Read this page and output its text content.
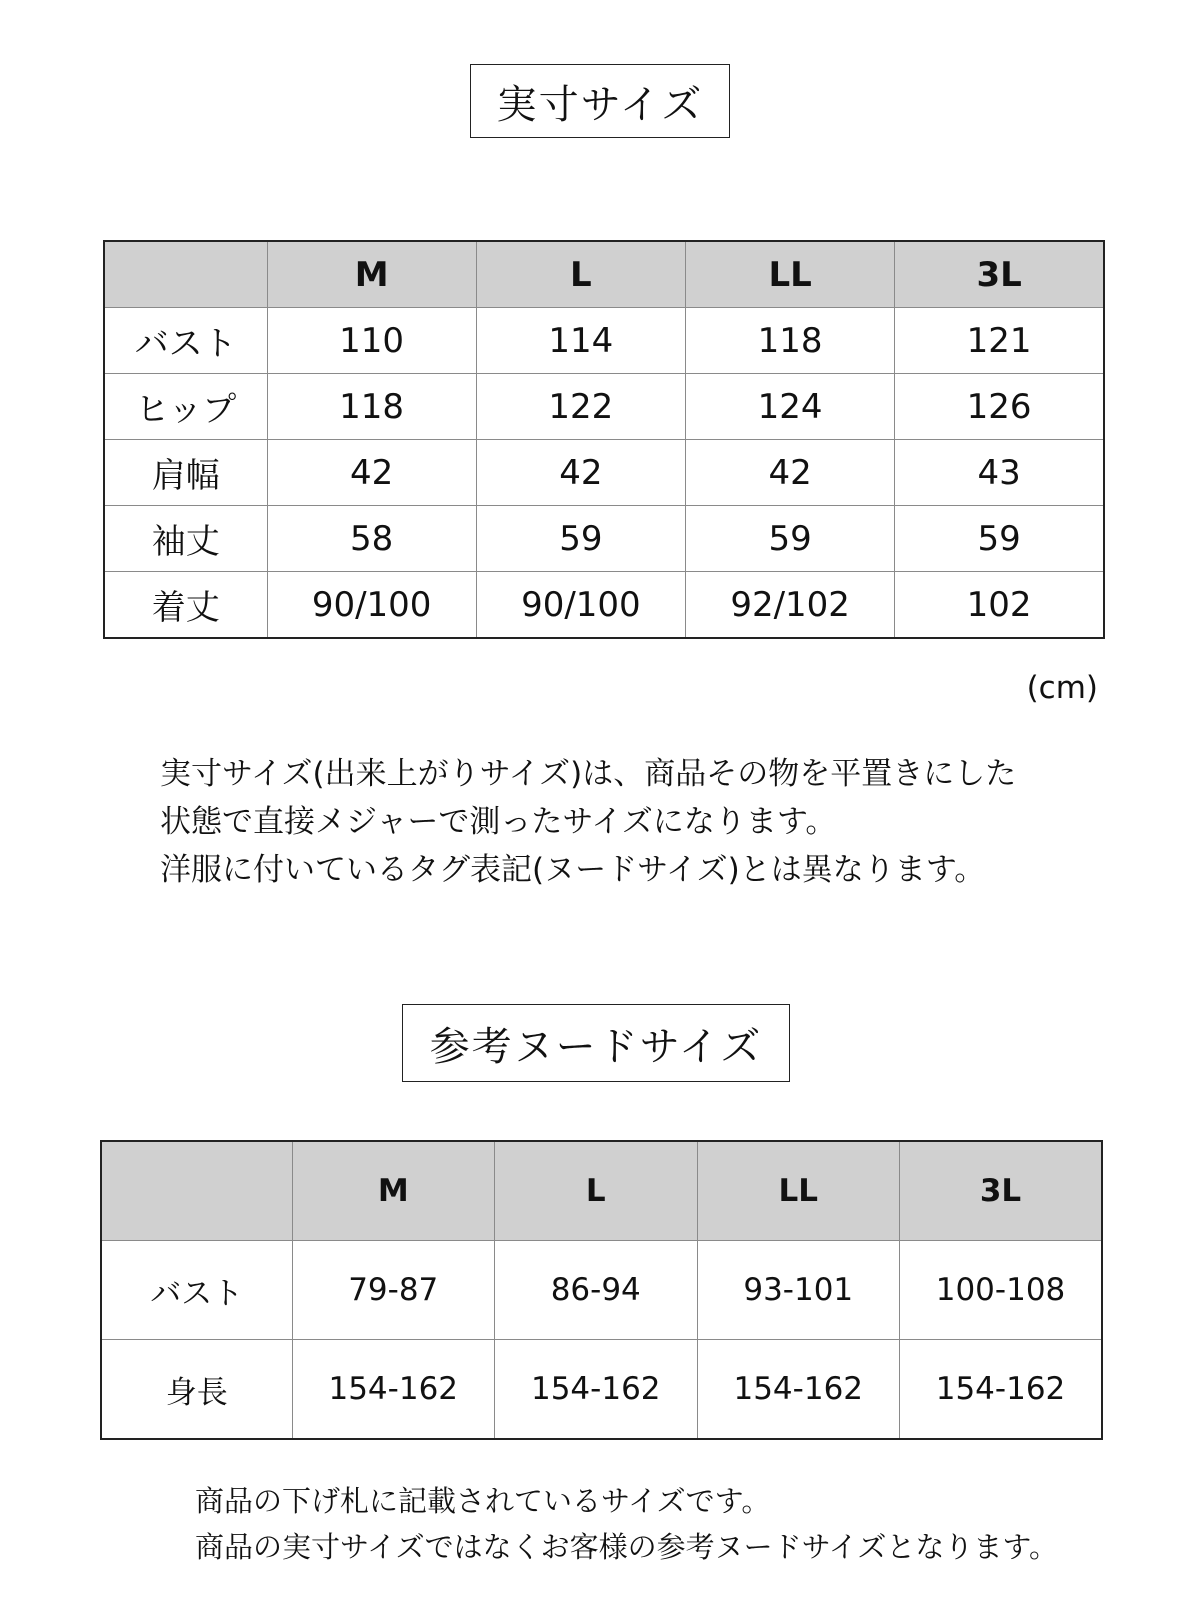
実寸サイズ
	M	L	LL	3L
バスト	110	114	118	121
ヒップ	118	122	124	126
肩幅	42	42	42	43
袖丈	58	59	59	59
着丈	90/100	90/100	92/102	102
(cm)
実寸サイズ(出来上がりサイズ)は、商品その物を平置きにした
状態で直接メジャーで測ったサイズになります。
洋服に付いているタグ表記(ヌードサイズ)とは異なります。
参考ヌードサイズ
	M	L	LL	3L
バスト	79-87	86-94	93-101	100-108
身長	154-162	154-162	154-162	154-162
商品の下げ札に記載されているサイズです。
商品の実寸サイズではなくお客様の参考ヌードサイズとなります。
